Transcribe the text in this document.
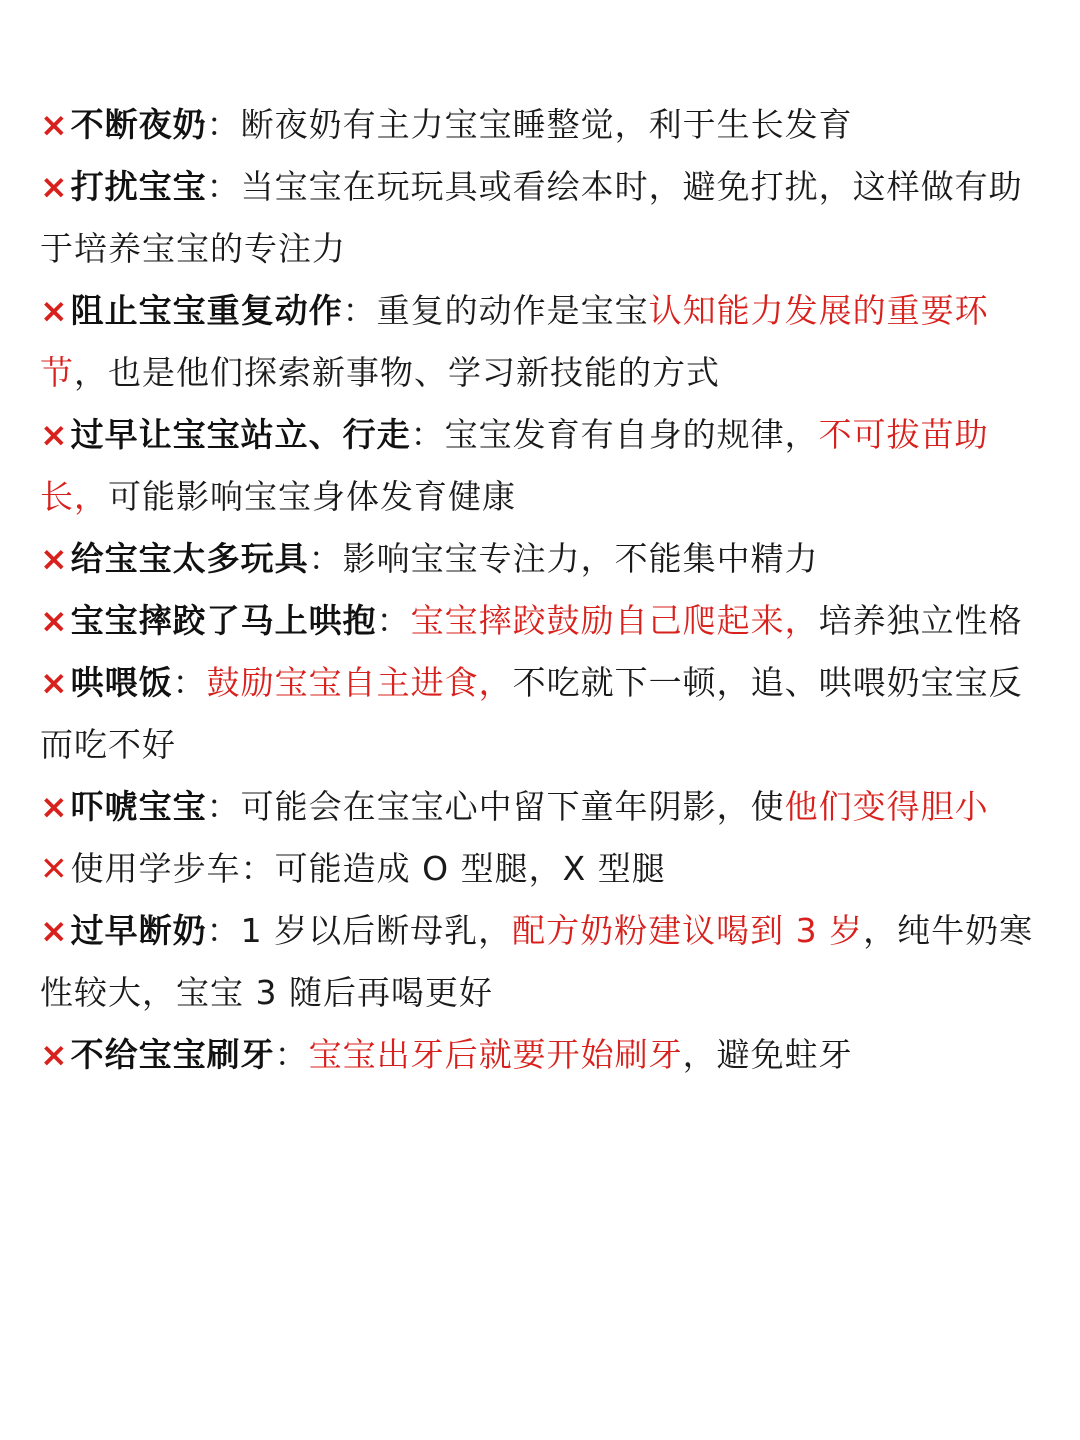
×不断夜奶：断夜奶有主力宝宝睡整觉，利于生长发育

×打扰宝宝：当宝宝在玩玩具或看绘本时，避免打扰，这样做有助于培养宝宝的专注力

×阻止宝宝重复动作：重复的动作是宝宝认知能力发展的重要环节，也是他们探索新事物、学习新技能的方式

×过早让宝宝站立、行走：宝宝发育有自身的规律，不可拔苗助长，可能影响宝宝身体发育健康

×给宝宝太多玩具：影响宝宝专注力，不能集中精力

×宝宝摔跤了马上哄抱：宝宝摔跤鼓励自己爬起来，培养独立性格

×哄喂饭：鼓励宝宝自主进食，不吃就下一顿，追、哄喂奶宝宝反而吃不好

×吓唬宝宝：可能会在宝宝心中留下童年阴影，使他们变得胆小

✕使用学步车：可能造成 O 型腿，X 型腿

×过早断奶：1 岁以后断母乳，配方奶粉建议喝到 3 岁，纯牛奶寒性较大，宝宝 3 随后再喝更好

×不给宝宝刷牙：宝宝出牙后就要开始刷牙，避免蛀牙
